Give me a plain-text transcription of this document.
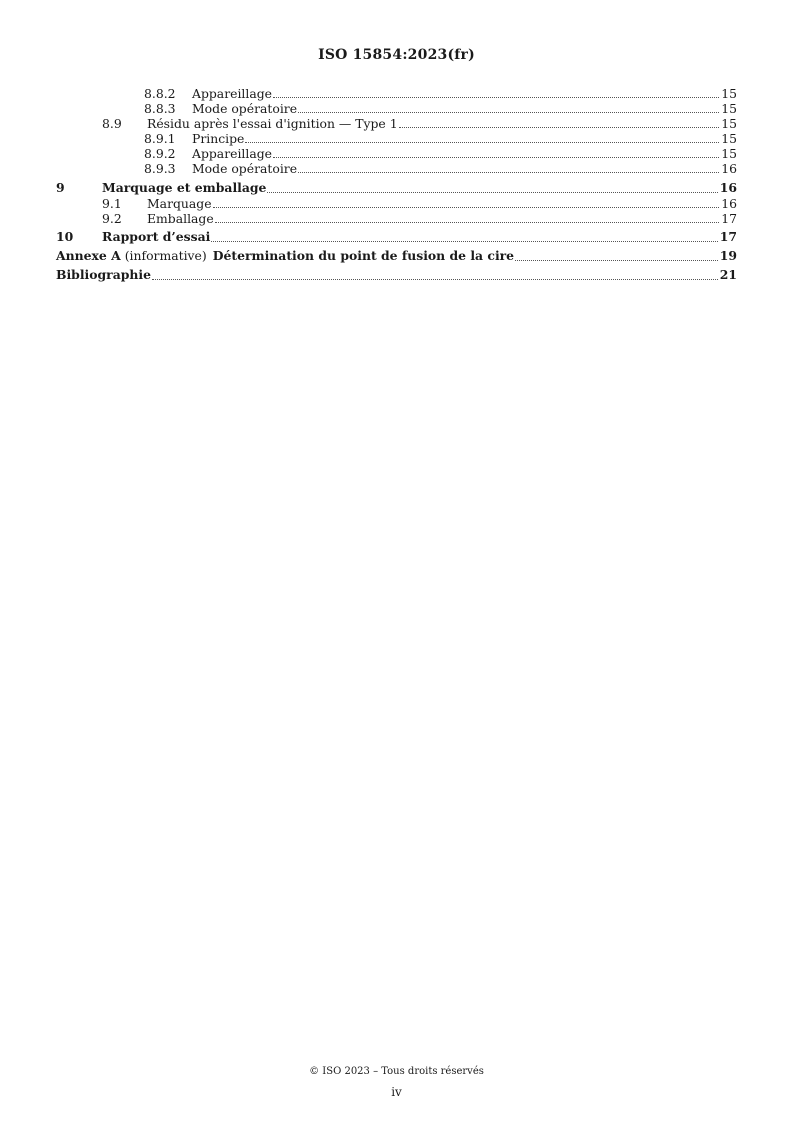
ISO 15854:2023(fr)
8.8.2	Appareillage	15
8.8.3	Mode opératoire	15
8.9	Résidu après l'essai d'ignition — Type 1	15
8.9.1	Principe	15
8.9.2	Appareillage	15
8.9.3	Mode opératoire	16
9	Marquage et emballage	16
9.1	Marquage	16
9.2	Emballage	17
10	Rapport d’essai	17
Annexe A (informative) Détermination du point de fusion de la cire	19
Bibliographie	21
© ISO 2023 – Tous droits réservés
iv
